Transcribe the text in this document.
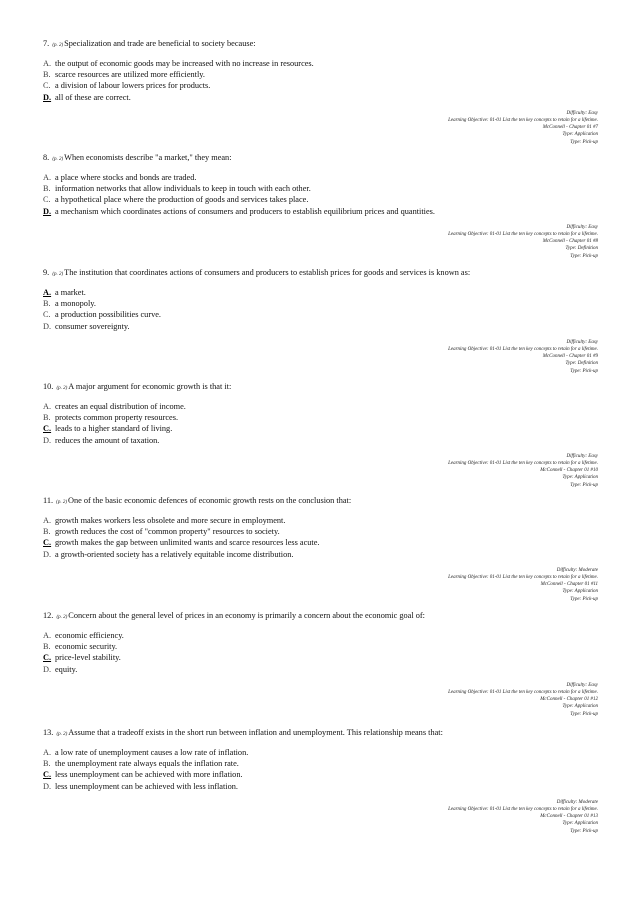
7. (p. 2)Specialization and trade are beneficial to society because:
A. the output of economic goods may be increased with no increase in resources.
B. scarce resources are utilized more efficiently.
C. a division of labour lowers prices for products.
D. all of these are correct.
Difficulty: Easy
Learning Objective: 01-01 List the ten key concepts to retain for a lifetime.
McConnell - Chapter 01 #7
Type: Application
Type: Pick-up
8. (p. 2)When economists describe "a market," they mean:
A. a place where stocks and bonds are traded.
B. information networks that allow individuals to keep in touch with each other.
C. a hypothetical place where the production of goods and services takes place.
D. a mechanism which coordinates actions of consumers and producers to establish equilibrium prices and quantities.
Difficulty: Easy
Learning Objective: 01-01 List the ten key concepts to retain for a lifetime.
McConnell - Chapter 01 #8
Type: Definition
Type: Pick-up
9. (p. 2)The institution that coordinates actions of consumers and producers to establish prices for goods and services is known as:
A. a market.
B. a monopoly.
C. a production possibilities curve.
D. consumer sovereignty.
Difficulty: Easy
Learning Objective: 01-01 List the ten key concepts to retain for a lifetime.
McConnell - Chapter 01 #9
Type: Definition
Type: Pick-up
10. (p. 2)A major argument for economic growth is that it:
A. creates an equal distribution of income.
B. protects common property resources.
C. leads to a higher standard of living.
D. reduces the amount of taxation.
Difficulty: Easy
Learning Objective: 01-01 List the ten key concepts to retain for a lifetime.
McConnell - Chapter 01 #10
Type: Application
Type: Pick-up
11. (p. 2)One of the basic economic defences of economic growth rests on the conclusion that:
A. growth makes workers less obsolete and more secure in employment.
B. growth reduces the cost of "common property" resources to society.
C. growth makes the gap between unlimited wants and scarce resources less acute.
D. a growth-oriented society has a relatively equitable income distribution.
Difficulty: Moderate
Learning Objective: 01-01 List the ten key concepts to retain for a lifetime.
McConnell - Chapter 01 #11
Type: Application
Type: Pick-up
12. (p. 2)Concern about the general level of prices in an economy is primarily a concern about the economic goal of:
A. economic efficiency.
B. economic security.
C. price-level stability.
D. equity.
Difficulty: Easy
Learning Objective: 01-01 List the ten key concepts to retain for a lifetime.
McConnell - Chapter 01 #12
Type: Application
Type: Pick-up
13. (p. 2)Assume that a tradeoff exists in the short run between inflation and unemployment. This relationship means that:
A. a low rate of unemployment causes a low rate of inflation.
B. the unemployment rate always equals the inflation rate.
C. less unemployment can be achieved with more inflation.
D. less unemployment can be achieved with less inflation.
Difficulty: Moderate
Learning Objective: 01-01 List the ten key concepts to retain for a lifetime.
McConnell - Chapter 01 #13
Type: Application
Type: Pick-up
